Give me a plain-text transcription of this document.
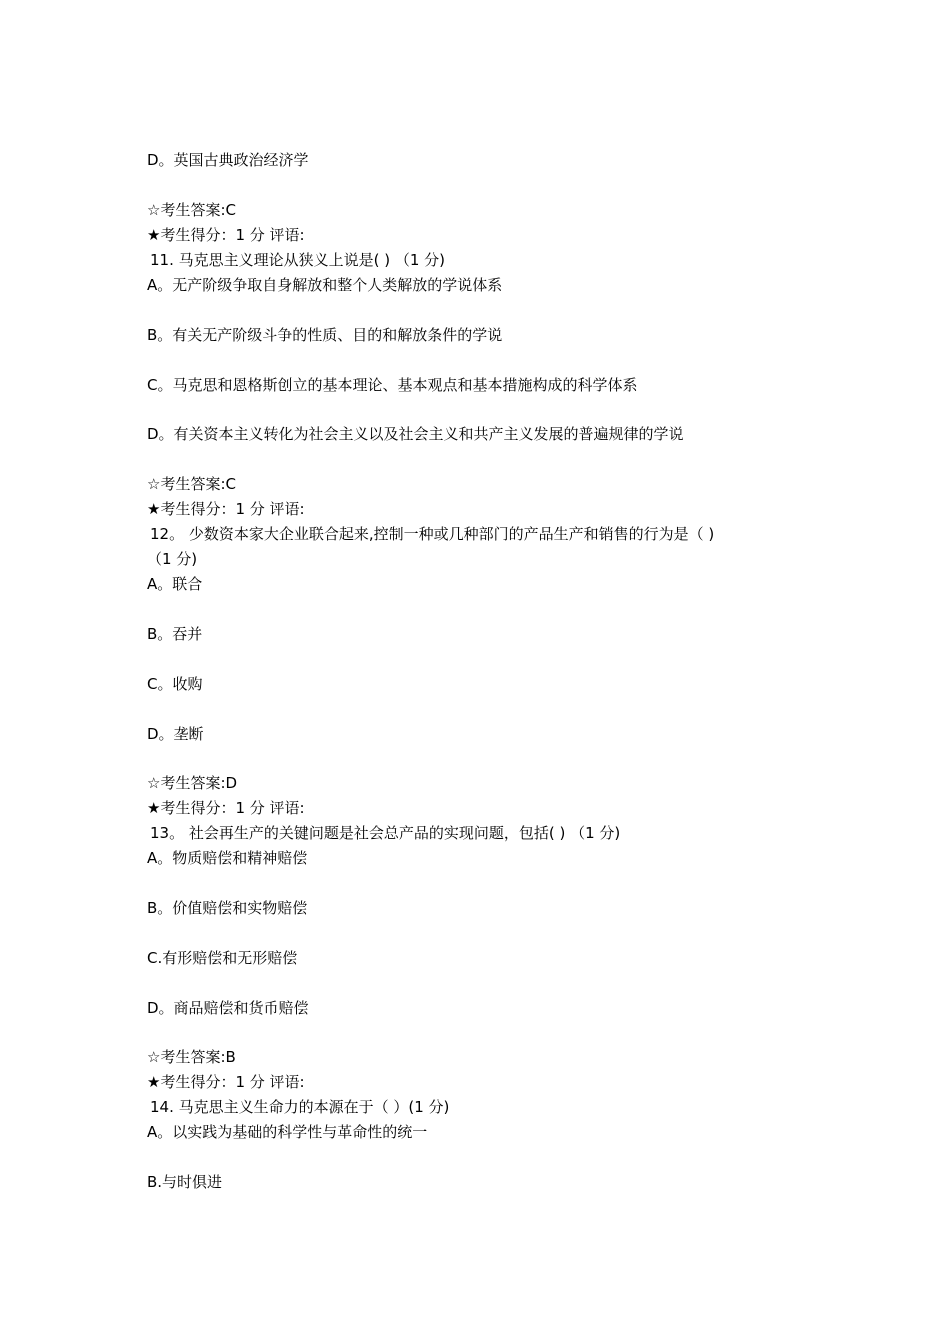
D。英国古典政治经济学
☆考生答案:C
★考生得分：1 分 评语:
11. 马克思主义理论从狭义上说是( ) （1 分)
A。无产阶级争取自身解放和整个人类解放的学说体系
B。有关无产阶级斗争的性质、目的和解放条件的学说
C。马克思和恩格斯创立的基本理论、基本观点和基本措施构成的科学体系
D。有关资本主义转化为社会主义以及社会主义和共产主义发展的普遍规律的学说
☆考生答案:C
★考生得分：1 分 评语:
12。 少数资本家大企业联合起来,控制一种或几种部门的产品生产和销售的行为是（ )
（1 分)
A。联合
B。吞并
C。收购
D。垄断
☆考生答案:D
★考生得分：1 分 评语:
13。 社会再生产的关键问题是社会总产品的实现问题，包括( ) （1 分)
A。物质赔偿和精神赔偿
B。价值赔偿和实物赔偿
C.有形赔偿和无形赔偿
D。商品赔偿和货币赔偿
☆考生答案:B
★考生得分：1 分 评语:
14. 马克思主义生命力的本源在于（ ）(1 分)
A。以实践为基础的科学性与革命性的统一
B.与时俱进
